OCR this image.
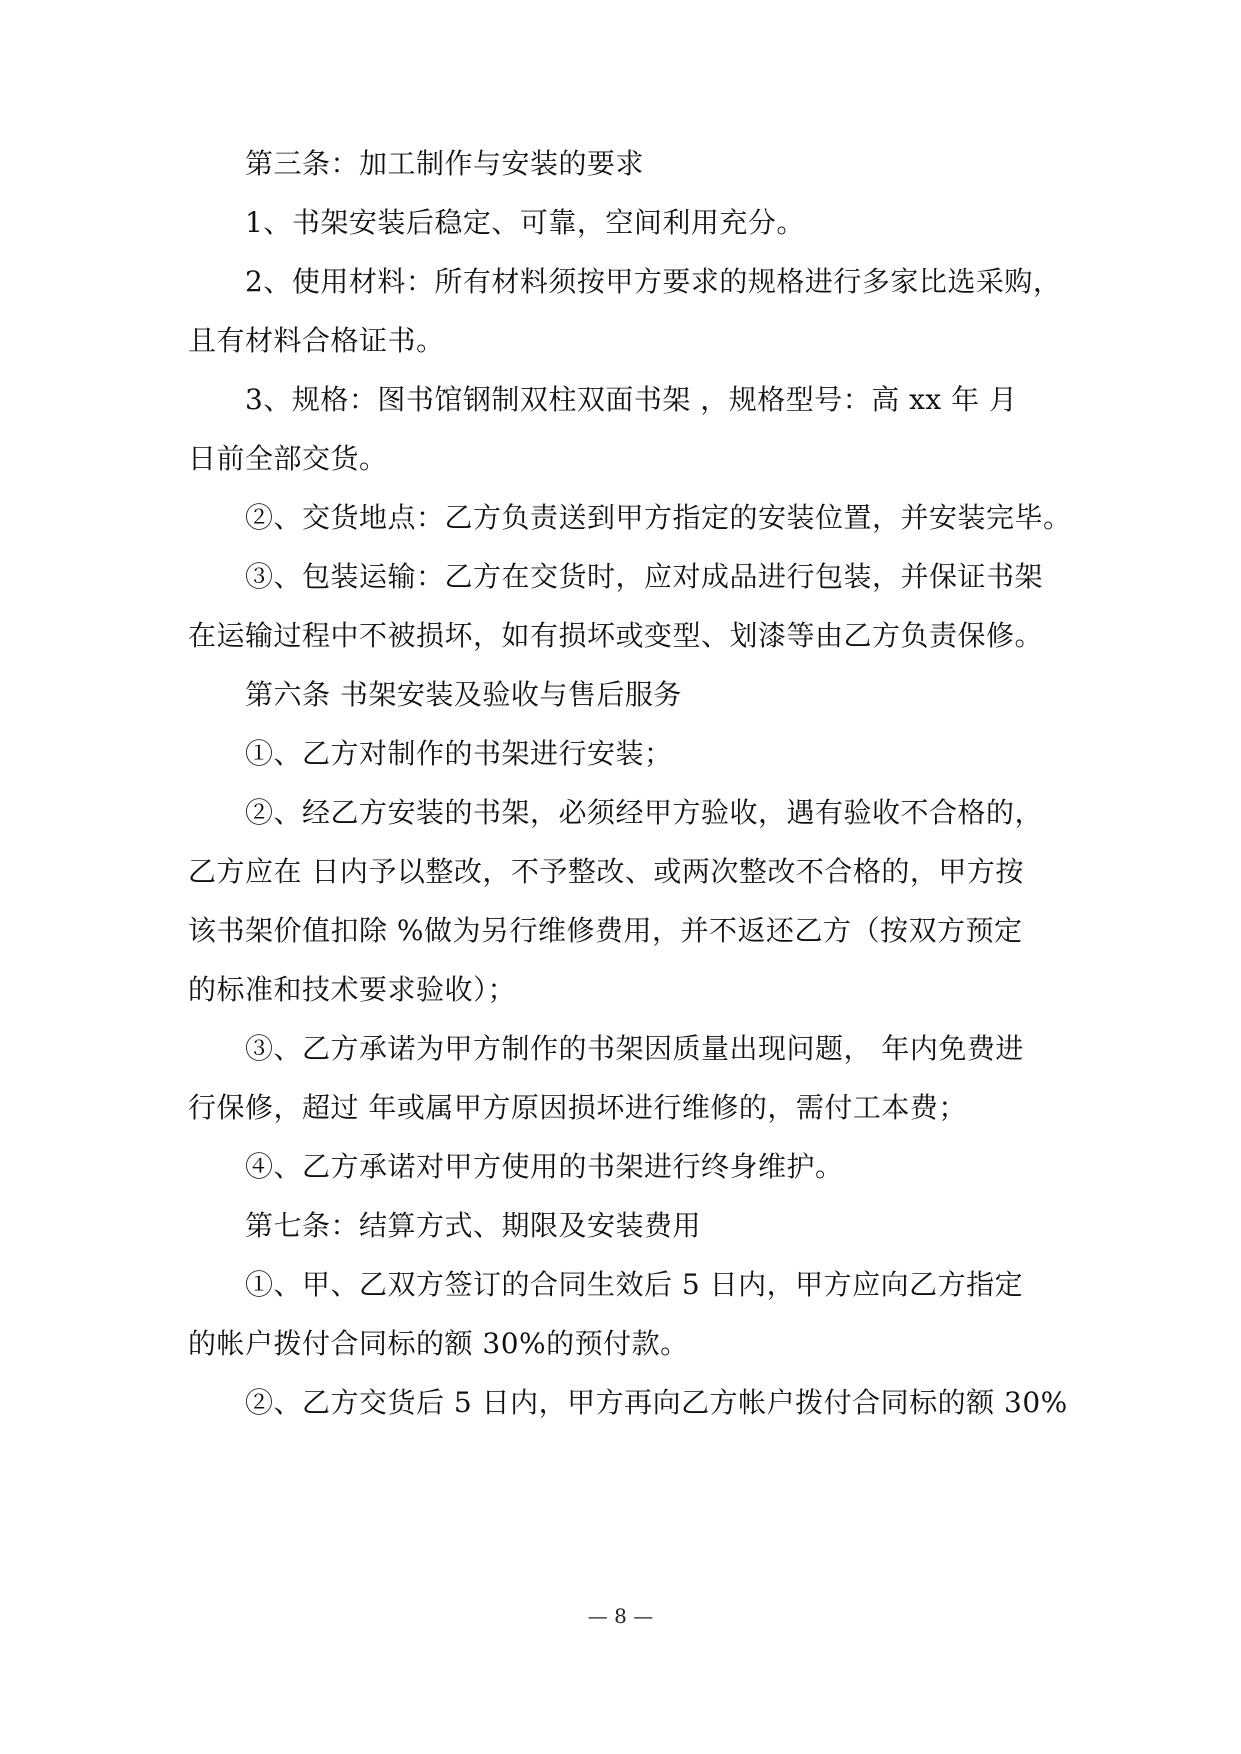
第三条：加工制作与安装的要求
1、书架安装后稳定、可靠，空间利用充分。
2、使用材料：所有材料须按甲方要求的规格进行多家比选采购，
且有材料合格证书。
3、规格：图书馆钢制双柱双面书架 ，规格型号：高 xx 年 月
日前全部交货。
②、交货地点：乙方负责送到甲方指定的安装位置，并安装完毕。
③、包装运输：乙方在交货时，应对成品进行包装，并保证书架
在运输过程中不被损坏，如有损坏或变型、划漆等由乙方负责保修。
第六条 书架安装及验收与售后服务
①、乙方对制作的书架进行安装；
②、经乙方安装的书架，必须经甲方验收，遇有验收不合格的，
乙方应在 日内予以整改，不予整改、或两次整改不合格的，甲方按
该书架价值扣除 %做为另行维修费用，并不返还乙方（按双方预定
的标准和技术要求验收）；
③、乙方承诺为甲方制作的书架因质量出现问题， 年内免费进
行保修，超过 年或属甲方原因损坏进行维修的，需付工本费；
④、乙方承诺对甲方使用的书架进行终身维护。
第七条：结算方式、期限及安装费用
①、甲、乙双方签订的合同生效后 5 日内，甲方应向乙方指定
的帐户拨付合同标的额 30%的预付款。
②、乙方交货后 5 日内，甲方再向乙方帐户拨付合同标的额 30%
— 8 —
